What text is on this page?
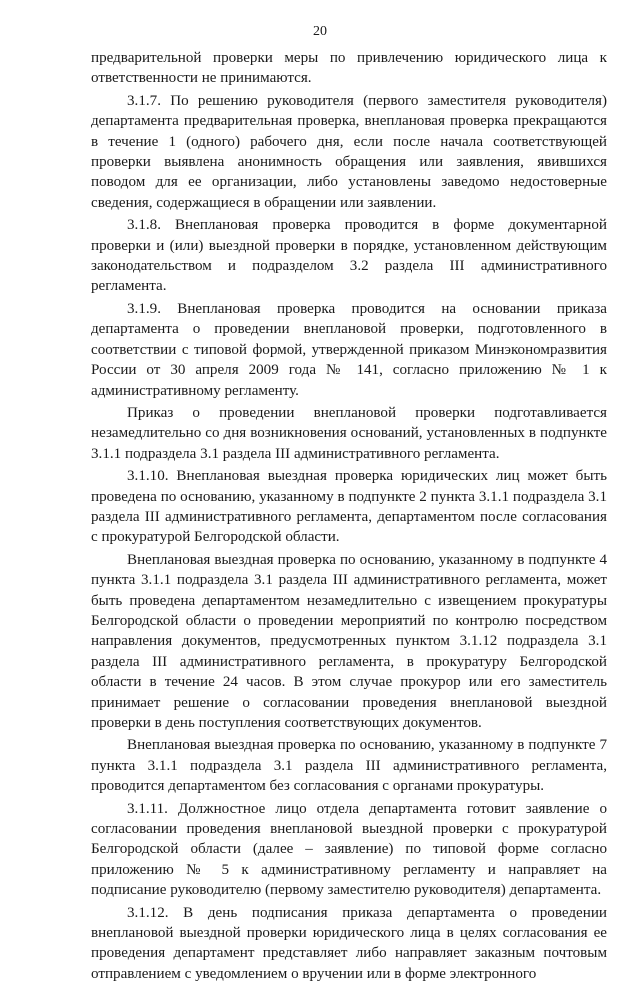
20

предварительной проверки меры по привлечению юридического лица к ответственности не принимаются.

3.1.7. По решению руководителя (первого заместителя руководителя) департамента предварительная проверка, внеплановая проверка прекращаются в течение 1 (одного) рабочего дня, если после начала соответствующей проверки выявлена анонимность обращения или заявления, явившихся поводом для ее организации, либо установлены заведомо недостоверные сведения, содержащиеся в обращении или заявлении.

3.1.8. Внеплановая проверка проводится в форме документарной проверки и (или) выездной проверки в порядке, установленном действующим законодательством и подразделом 3.2 раздела III административного регламента.

3.1.9. Внеплановая проверка проводится на основании приказа департамента о проведении внеплановой проверки, подготовленного в соответствии с типовой формой, утвержденной приказом Минэкономразвития России от 30 апреля 2009 года № 141, согласно приложению № 1 к административному регламенту.

Приказ о проведении внеплановой проверки подготавливается незамедлительно со дня возникновения оснований, установленных в подпункте 3.1.1 подраздела 3.1 раздела III административного регламента.

3.1.10. Внеплановая выездная проверка юридических лиц может быть проведена по основанию, указанному в подпункте 2 пункта 3.1.1 подраздела 3.1 раздела III административного регламента, департаментом после согласования с прокуратурой Белгородской области.

Внеплановая выездная проверка по основанию, указанному в подпункте 4 пункта 3.1.1 подраздела 3.1 раздела III административного регламента, может быть проведена департаментом незамедлительно с извещением прокуратуры Белгородской области о проведении мероприятий по контролю посредством направления документов, предусмотренных пунктом 3.1.12 подраздела 3.1 раздела III административного регламента, в прокуратуру Белгородской области в течение 24 часов. В этом случае прокурор или его заместитель принимает решение о согласовании проведения внеплановой выездной проверки в день поступления соответствующих документов.

Внеплановая выездная проверка по основанию, указанному в подпункте 7 пункта 3.1.1 подраздела 3.1 раздела III административного регламента, проводится департаментом без согласования с органами прокуратуры.

3.1.11. Должностное лицо отдела департамента готовит заявление о согласовании проведения внеплановой выездной проверки с прокуратурой Белгородской области (далее – заявление) по типовой форме согласно приложению № 5 к административному регламенту и направляет на подписание руководителю (первому заместителю руководителя) департамента.

3.1.12. В день подписания приказа департамента о проведении внеплановой выездной проверки юридического лица в целях согласования ее проведения департамент представляет либо направляет заказным почтовым отправлением с уведомлением о вручении или в форме электронного
